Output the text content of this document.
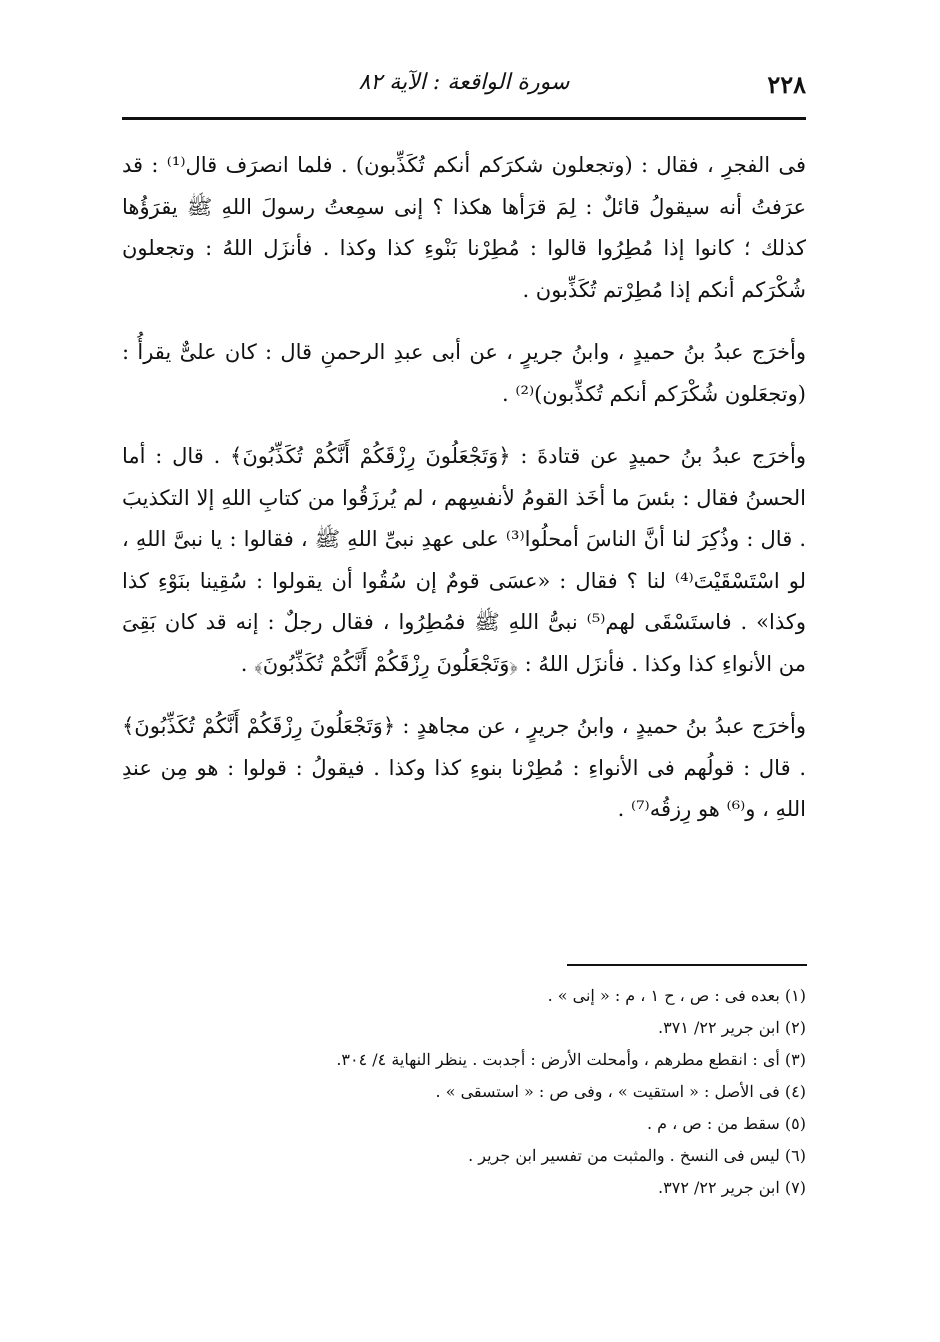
٢٢٨
سورة الواقعة : الآية ٨٢

فى الفجرِ ، فقال : (وتجعلون شكرَكم أنكم تُكَذِّبون) . فلما انصرَف قال⁽¹⁾ : قد عرَفتُ أنه سيقولُ قائلٌ : لِمَ قرَأها هكذا ؟ إنى سمِعتُ رسولَ اللهِ ﷺ يقرَؤُها كذلك ؛ كانوا إذا مُطِرُوا قالوا : مُطِرْنا بَنْوءِ كذا وكذا . فأنزَل اللهُ : وتجعلون شُكْرَكم أنكم إذا مُطِرْتم تُكَذِّبون .

وأخرَج عبدُ بنُ حميدٍ ، وابنُ جريرٍ ، عن أبى عبدِ الرحمنِ قال : كان علىٌّ يقرأُ : (وتجعَلون شُكْرَكم أنكم تُكذِّبون)⁽²⁾ .

وأخرَج عبدُ بنُ حميدٍ عن قتادةَ : ﴿وَتَجْعَلُونَ رِزْقَكُمْ أَنَّكُمْ تُكَذِّبُونَ﴾ . قال : أما الحسنُ فقال : بئسَ ما أخَذ القومُ لأنفسِهم ، لم يُرزَقُوا من كتابِ اللهِ إلا التكذيبَ . قال : وذُكِرَ لنا أنَّ الناسَ أمحلُوا⁽³⁾ على عهدِ نبىِّ اللهِ ﷺ ، فقالوا : يا نبىَّ اللهِ ، لو اسْتَسْقَيْتَ⁽⁴⁾ لنا ؟ فقال : «عسَى قومٌ إن سُقُوا أن يقولوا : سُقِينا بنَوْءِ كذا وكذا» . فاستَسْقَى لهم⁽⁵⁾ نبىُّ اللهِ ﷺ فمُطِرُوا ، فقال رجلٌ : إنه قد كان بَقِىَ من الأنواءِ كذا وكذا . فأنزَل اللهُ : ﴿وَتَجْعَلُونَ رِزْقَكُمْ أَنَّكُمْ تُكَذِّبُونَ﴾ .

وأخرَج عبدُ بنُ حميدٍ ، وابنُ جريرٍ ، عن مجاهدٍ : ﴿وَتَجْعَلُونَ رِزْقَكُمْ أَنَّكُمْ تُكَذِّبُونَ﴾ . قال : قولُهم فى الأنواءِ : مُطِرْنا بنوءِ كذا وكذا . فيقولُ : قولوا : هو مِن عندِ اللهِ ، و⁽⁶⁾ هو رِزقُه⁽⁷⁾ .

(١) بعده فى : ص ، ح ١ ، م : « إنى » .
(٢) ابن جرير ٢٢/ ٣٧١.
(٣) أى : انقطع مطرهم ، وأمحلت الأرض : أجدبت . ينظر النهاية ٤/ ٣٠٤.
(٤) فى الأصل : « استقيت » ، وفى ص : « استسقى » .
(٥) سقط من : ص ، م .
(٦) ليس فى النسخ . والمثبت من تفسير ابن جرير .
(٧) ابن جرير ٢٢/ ٣٧٢.
